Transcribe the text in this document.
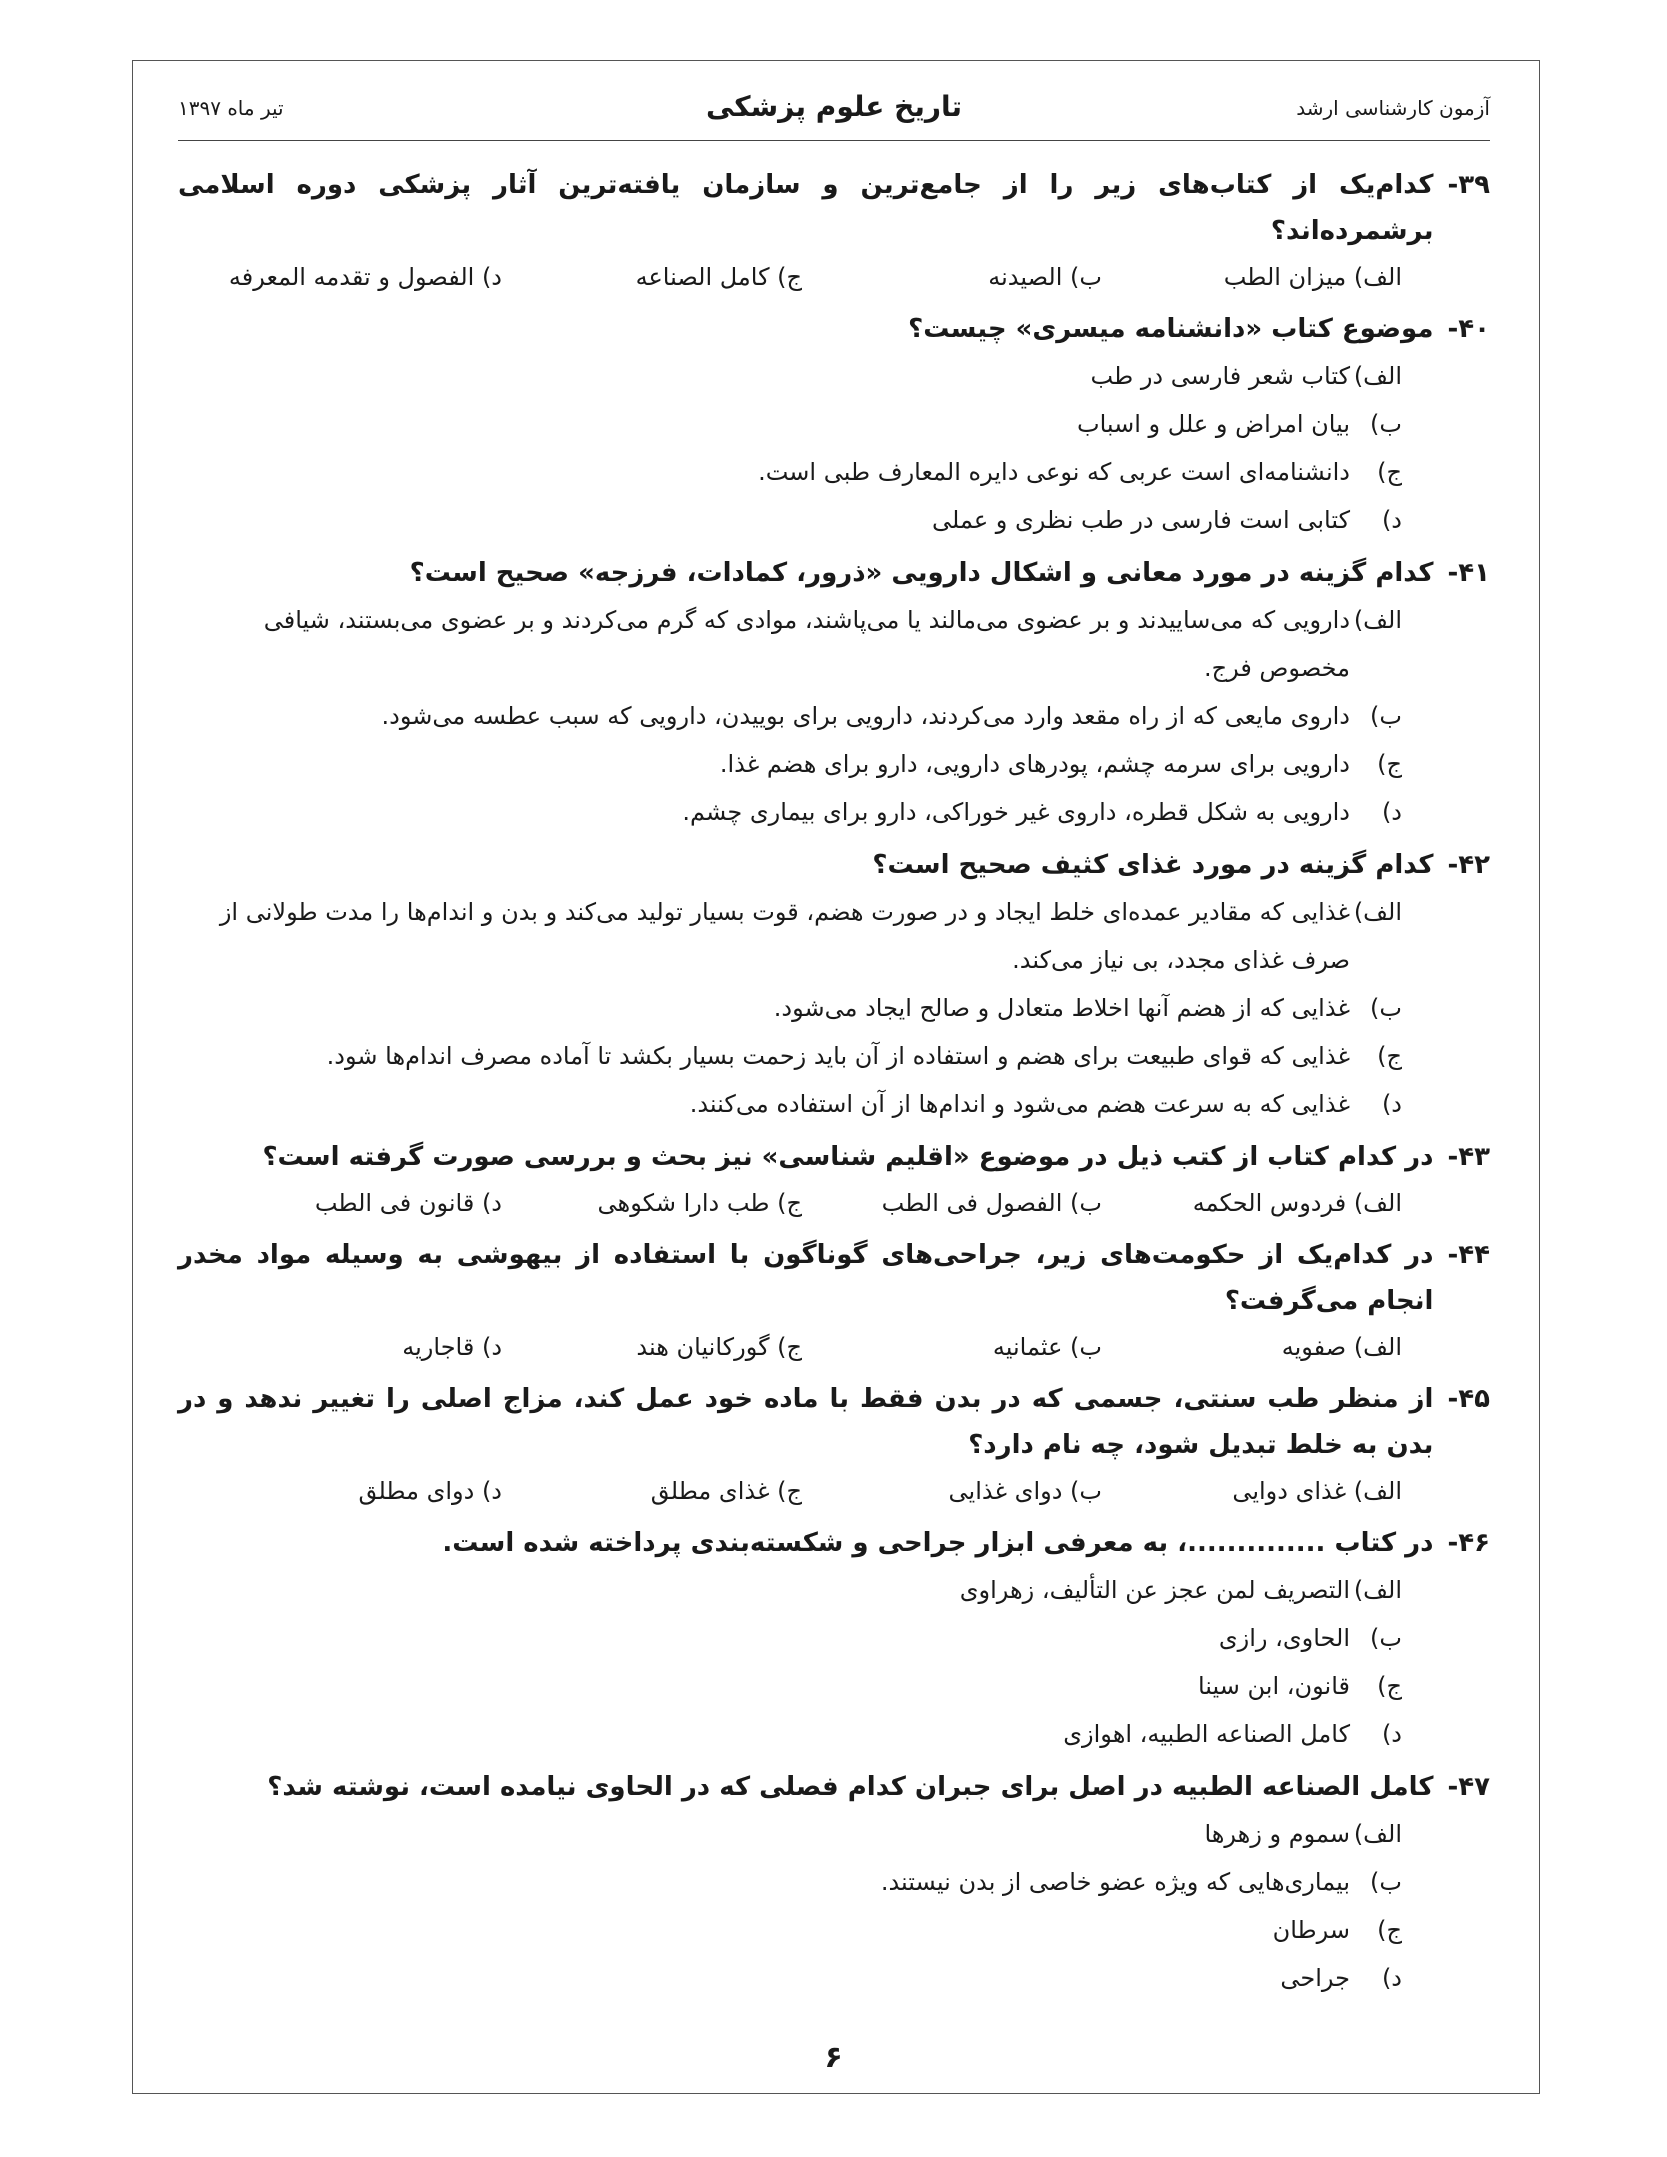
آزمون کارشناسی ارشد
تاریخ علوم پزشکی
تیر ماه ۱۳۹۷
۳۹-
کدام‌یک از کتاب‌های زیر را از جامع‌ترین و سازمان یافته‌ترین آثار پزشکی دوره اسلامی برشمرده‌اند؟
الف) میزان الطب
ب) الصیدنه
ج) کامل الصناعه
د) الفصول و تقدمه المعرفه
۴۰-
موضوع کتاب «دانشنامه میسری» چیست؟
الف)
کتاب شعر فارسی در طب
ب)
بیان امراض و علل و اسباب
ج)
دانشنامه‌ای است عربی که نوعی دایره المعارف طبی است.
د)
کتابی است فارسی در طب نظری و عملی
۴۱-
کدام گزینه در مورد معانی و اشکال دارویی «ذرور، کمادات، فرزجه» صحیح است؟
الف)
دارویی که می‌سایید‌ند و بر عضوی می‌مالند یا می‌پاشند، موادی که گرم می‌کردند و بر عضوی می‌بستند، شیافی مخصوص فرج.
ب)
داروی مایعی که از راه مقعد وارد می‌کردند، دارویی برای بوییدن، دارویی که سبب عطسه می‌شود.
ج)
دارویی برای سرمه چشم، پودرهای دارویی، دارو برای هضم غذا.
د)
دارویی به شکل قطره، داروی غیر خوراکی، دارو برای بیماری چشم.
۴۲-
کدام گزینه در مورد غذای کثیف صحیح است؟
الف)
غذایی که مقادیر عمده‌ای خلط ایجاد و در صورت هضم، قوت بسیار تولید می‌کند و بدن و اندام‌ها را مدت طولانی از صرف غذای مجدد، بی نیاز می‌کند.
ب)
غذایی که از هضم آنها اخلاط متعادل و صالح ایجاد می‌شود.
ج)
غذایی که قوای طبیعت برای هضم و استفاده از آن باید زحمت بسیار بکشد تا آماده مصرف اندام‌ها شود.
د)
غذایی که به سرعت هضم می‌شود و اندام‌ها از آن استفاده می‌کنند.
۴۳-
در کدام کتاب از کتب ذیل در موضوع «اقلیم شناسی» نیز بحث و بررسی صورت گرفته است؟
الف) فردوس الحکمه
ب) الفصول فی الطب
ج) طب دارا شکوهی
د) قانون فی الطب
۴۴-
در کدام‌یک از حکومت‌های زیر، جراحی‌های گوناگون با استفاده از بیهوشی به وسیله مواد مخدر انجام می‌گرفت؟
الف) صفویه
ب) عثمانیه
ج) گورکانیان هند
د) قاجاریه
۴۵-
از منظر طب سنتی، جسمی که در بدن فقط با ماده خود عمل کند، مزاج اصلی را تغییر ندهد و در بدن به خلط تبدیل شود، چه نام دارد؟
الف) غذای دوایی
ب) دوای غذایی
ج) غذای مطلق
د) دوای مطلق
۴۶-
در کتاب ..............، به معرفی ابزار جراحی و شکسته‌بندی پرداخته شده است.
الف)
التصریف لمن عجز عن التألیف، زهراوی
ب)
الحاوی، رازی
ج)
قانون، ابن سینا
د)
کامل الصناعه الطبیه، اهوازی
۴۷-
کامل الصناعه الطبیه در اصل برای جبران کدام فصلی که در الحاوی نیامده است، نوشته شد؟
الف)
سموم و زهرها
ب)
بیماری‌هایی که ویژه عضو خاصی از بدن نیستند.
ج)
سرطان
د)
جراحی
۶
